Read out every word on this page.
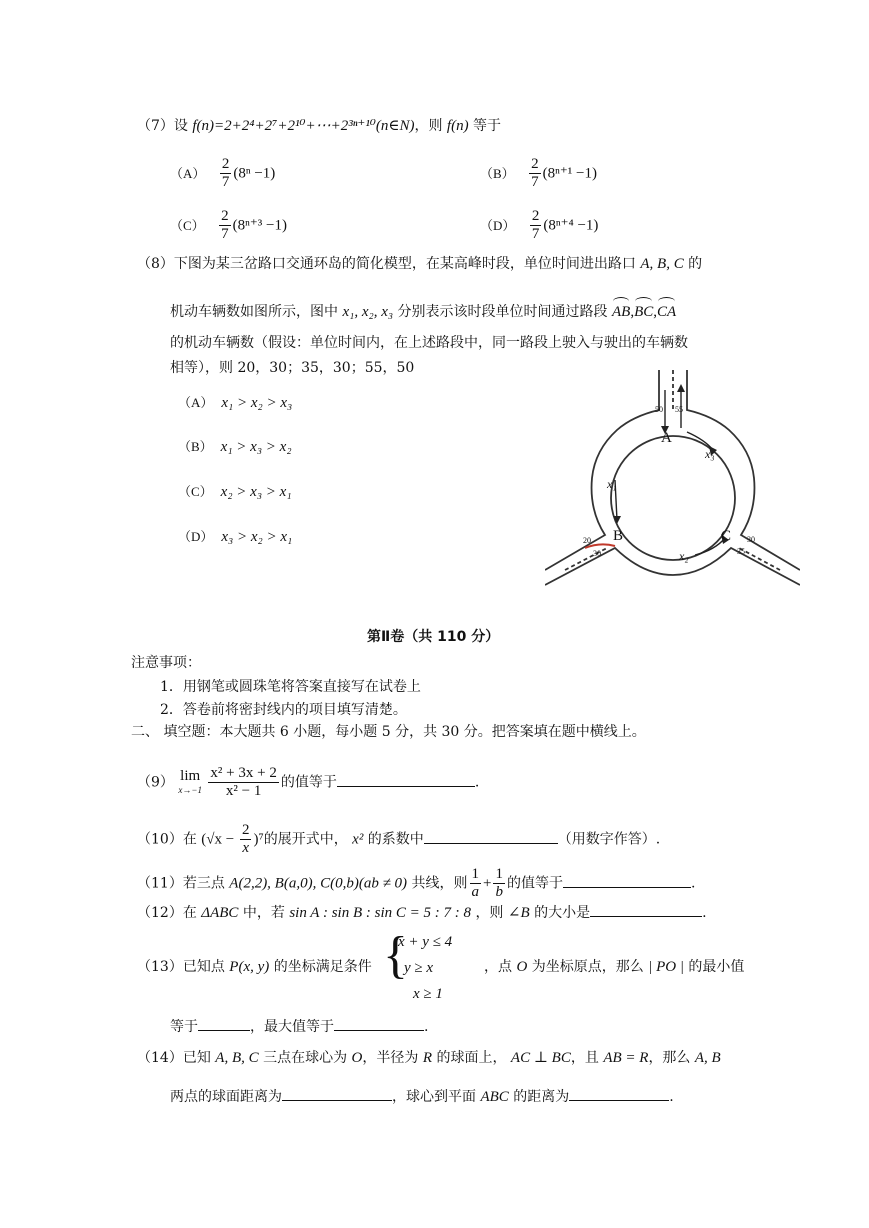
（7）设 f(n)=2+2⁴+2⁷+2¹⁰+⋯+2³ⁿ⁺¹⁰(n∈N)，则 f(n) 等于
$(A) \frac{2}{7} (8^n -1)$	$(B) \frac{2}{7} (8^{n+1} -1)$
$(C) \frac{2}{7} (8^{n+3} -1)$	$(D) \frac{2}{7} (8^{n+4} -1)$
（8）下图为某三岔路口交通环岛的简化模型，在某高峰时段，单位时间进出路口 A, B, C 的
机动车辆数如图所示，图中 x₁, x₂, x₃ 分别表示该时段单位时间通过路段 AB,BC,CA
的机动车辆数（假设：单位时间内，在上述路段中，同一路段上驶入与驶出的车辆数
相等），则 20，30；35，30；55，50
（A） x₁ > x₂ > x₃
（B） x₁ > x₃ > x₂
（C） x₂ > x₃ > x₁
（D） x₃ > x₂ > x₁
A
B	C
x₁
x₂
x₃
50 55
20
30
30
35
第Ⅱ卷（共 110 分）
注意事项：
1．用钢笔或圆珠笔将答案直接写在试卷上
2．答卷前将密封线内的项目填写清楚。
二、 填空题：本大题共 6 小题，每小题 5 分，共 30 分。把答案填在题中横线上。
（9） lim
x→−1
$\frac{\text{x² + 3x + 2}}{\text{x² − 1}}$ 的值等于	.
（10）在 $(√x - \frac{2}{x} )^7$的展开式中， x² 的系数中	（用数字作答）.
（11）若三点 A(2,2), B(a,0), C(0,b)(ab ≠ 0) 共线，则 $\frac{1}{a} + \frac{1}{b}$ 的值等于	.
（12）在 ΔABC 中，若 sin A : sin B : sin C = 5 : 7 : 8 ，则 ∠B 的大小是	.
（13）已知点 P(x, y) 的坐标满足条件 {
x + y ≤ 4
y ≥ x
x ≥ 1
，点 O 为坐标原点，那么 | PO | 的最小值
等于	，最大值等于	.
（14）已知 A, B, C 三点在球心为 O，半径为 R 的球面上， AC ⊥ BC，且 AB = R，那么 A, B
两点的球面距离为	，球心到平面 ABC 的距离为	.
